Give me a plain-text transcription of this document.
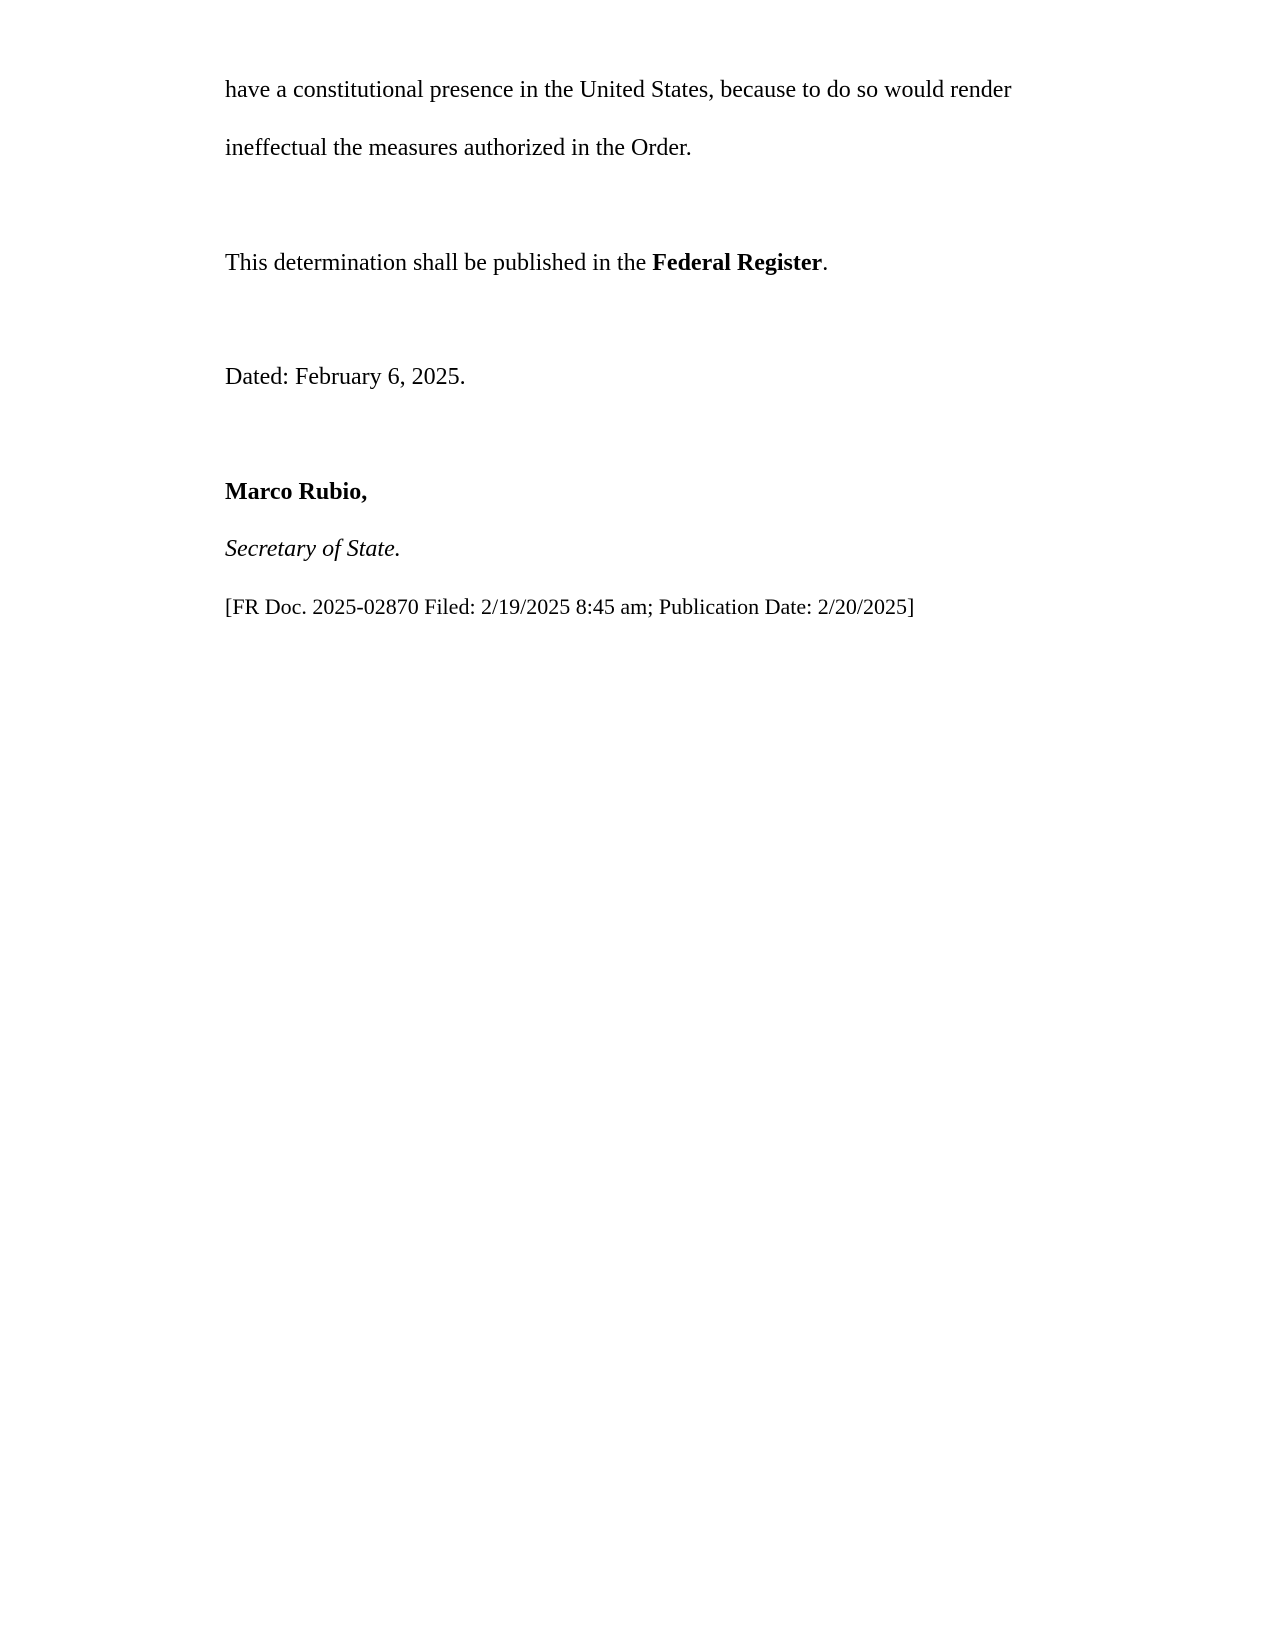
have a constitutional presence in the United States, because to do so would render
ineffectual the measures authorized in the Order.
This determination shall be published in the Federal Register.
Dated: February 6, 2025.
Marco Rubio,
Secretary of State.
[FR Doc. 2025-02870 Filed: 2/19/2025 8:45 am; Publication Date: 2/20/2025]
